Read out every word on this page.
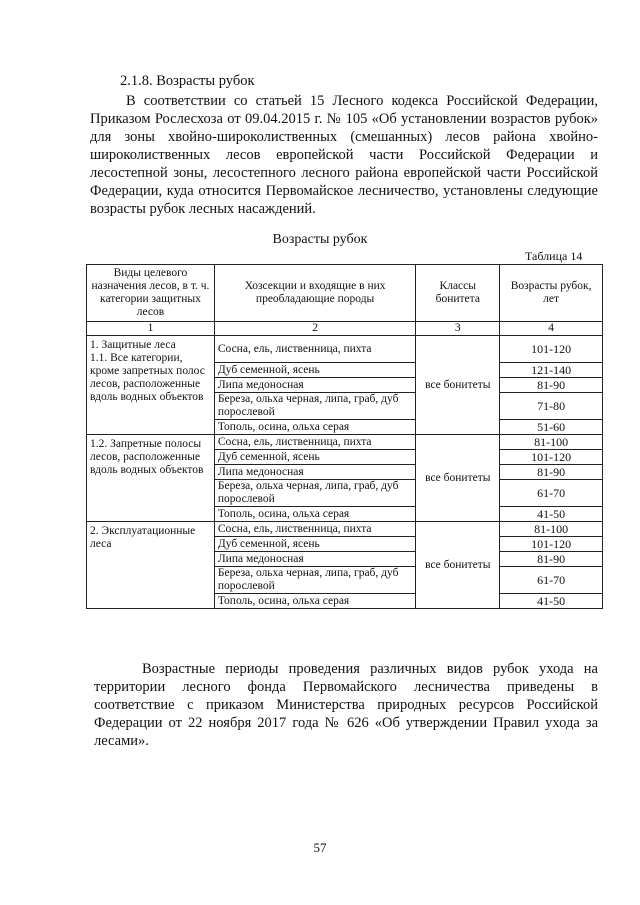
2.1.8. Возрасты рубок
В соответствии со статьей 15 Лесного кодекса Российской Федерации, Приказом Рослесхоза от 09.04.2015 г. № 105 «Об установлении возрастов рубок» для зоны хвойно-широколиственных (смешанных) лесов района хвойно-широколиственных лесов европейской части Российской Федерации и лесостепной зоны, лесостепного лесного района европейской части Российской Федерации, куда относится Первомайское лесничество, установлены следующие возрасты рубок лесных насаждений.
Возрасты рубок
Таблица 14
Виды целевого назначения лесов, в т. ч. категории защитных лесов	Хозсекции и входящие в них преобладающие породы	Классы бонитета	Возрасты рубок, лет
1	2	3	4
1. Защитные леса
1.1. Все категории, кроме запретных полос лесов, расположенные вдоль водных объектов	Сосна, ель, лиственница, пихта	все бонитеты	101-120
	Дуб семенной, ясень		121-140
	Липа медоносная		81-90
	Береза, ольха черная, липа, граб, дуб порослевой		71-80
	Тополь, осина, ольха серая		51-60
1.2. Запретные полосы лесов, расположенные вдоль водных объектов	Сосна, ель, лиственница, пихта	все бонитеты	81-100
	Дуб семенной, ясень		101-120
	Липа медоносная		81-90
	Береза, ольха черная, липа, граб, дуб порослевой		61-70
	Тополь, осина, ольха серая		41-50
2. Эксплуатационные леса	Сосна, ель, лиственница, пихта	все бонитеты	81-100
	Дуб семенной, ясень		101-120
	Липа медоносная		81-90
	Береза, ольха черная, липа, граб, дуб порослевой		61-70
	Тополь, осина, ольха серая		41-50
Возрастные периоды проведения различных видов рубок ухода на территории лесного фонда Первомайского лесничества приведены в соответствие с приказом Министерства природных ресурсов Российской Федерации от 22 ноября 2017 года № 626 «Об утверждении Правил ухода за лесами».
57
